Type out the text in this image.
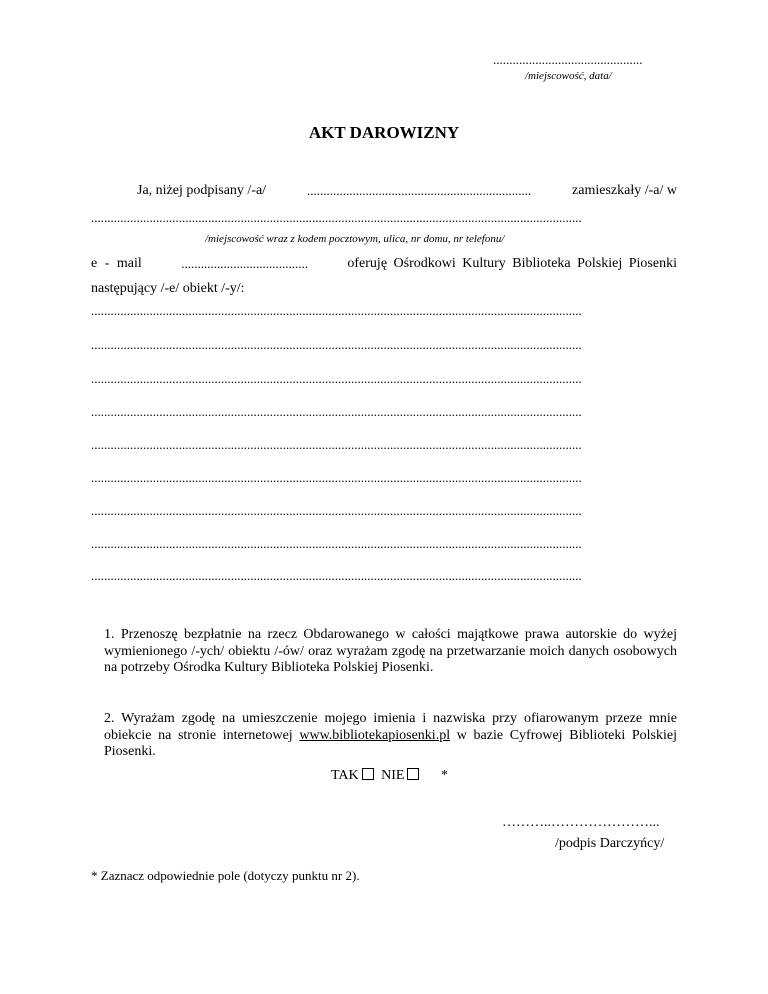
..............................................
/miejscowość, data/
AKT DAROWIZNY
Ja, niżej podpisany /-a/	.....................................................................	zamieszkały /-a/ w
.......................................................................................................................................................
/miejscowość wraz z kodem pocztowym, ulica, nr domu, nr telefonu/
e - mail	.......................................	oferuję Ośrodkowi Kultury Biblioteka Polskiej Piosenki
następujący /-e/ obiekt /-y/:
.......................................................................................................................................................
.......................................................................................................................................................
.......................................................................................................................................................
.......................................................................................................................................................
.......................................................................................................................................................
.......................................................................................................................................................
.......................................................................................................................................................
.......................................................................................................................................................
.......................................................................................................................................................
1. Przenoszę bezpłatnie na rzecz Obdarowanego w całości majątkowe prawa autorskie do wyżej wymienionego /-ych/ obiektu /-ów/ oraz wyrażam zgodę na przetwarzanie moich danych osobowych na potrzeby Ośrodka Kultury Biblioteka Polskiej Piosenki.
2. Wyrażam zgodę na umieszczenie mojego imienia i nazwiska przy ofiarowanym przeze mnie obiekcie na stronie internetowej www.bibliotekapiosenki.pl w bazie Cyfrowej Biblioteki Polskiej Piosenki.
TAK NIE	*
………..…………………...
/podpis Darczyńcy/
* Zaznacz odpowiednie pole (dotyczy punktu nr 2).
